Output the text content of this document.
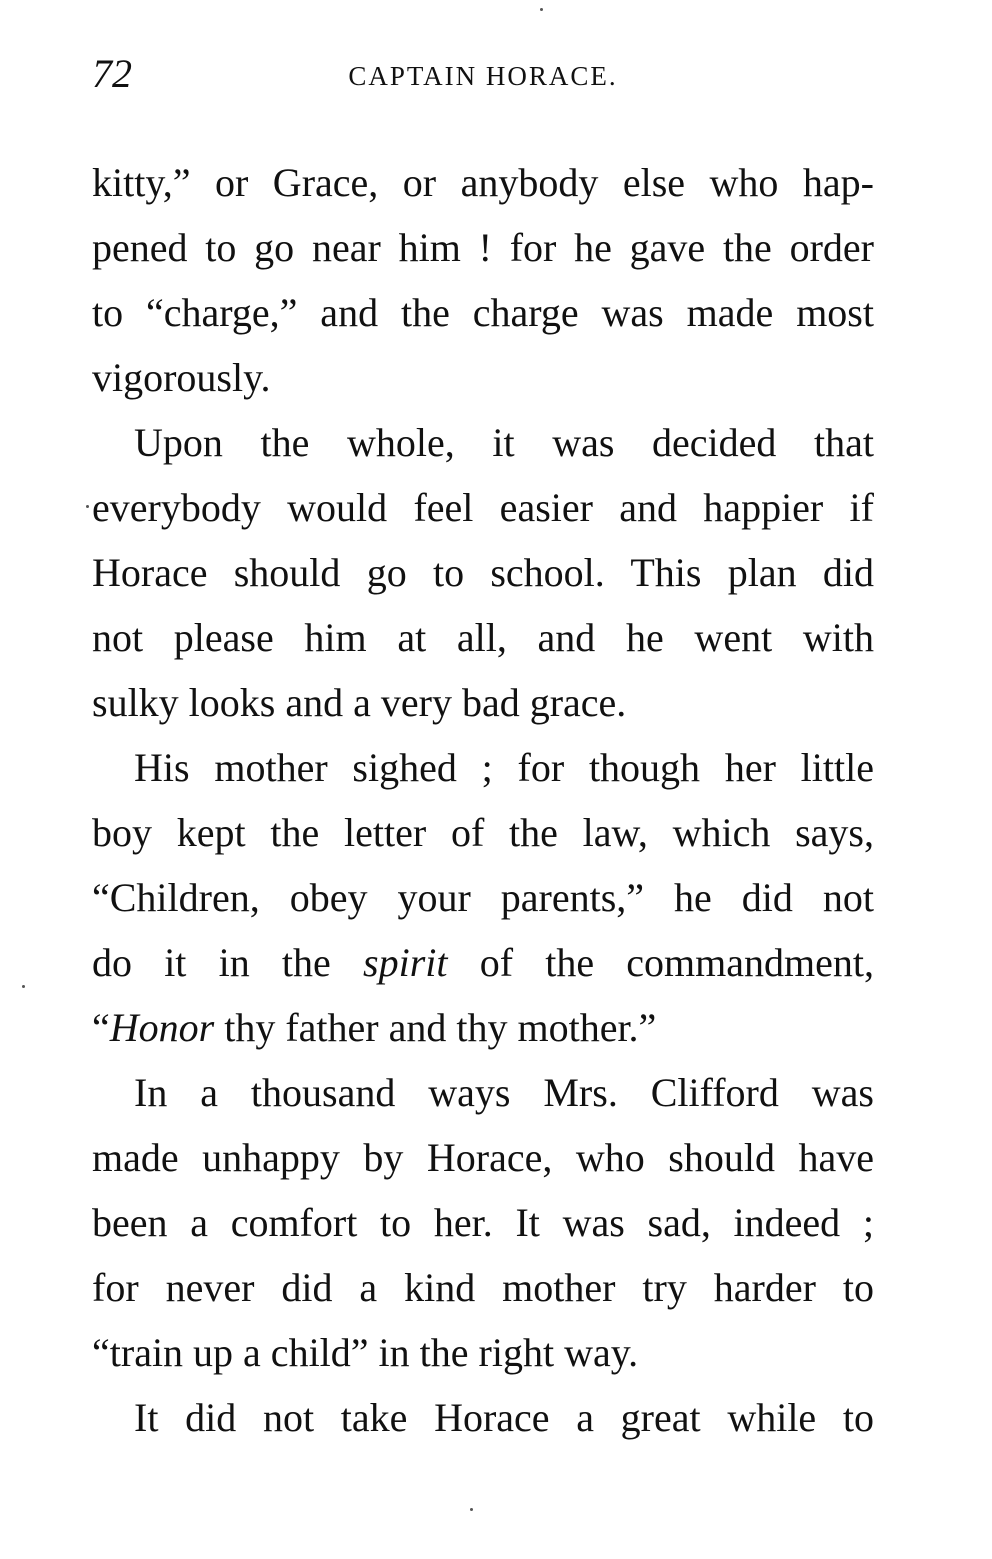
72	CAPTAIN HORACE.
kitty,” or Grace, or anybody else who hap-
pened to go near him ! for he gave the order
to “charge,” and the charge was made most
vigorously.
Upon the whole, it was decided that
everybody would feel easier and happier if
Horace should go to school. This plan did
not please him at all, and he went with
sulky looks and a very bad grace.
His mother sighed ; for though her little
boy kept the letter of the law, which says,
“Children, obey your parents,” he did not
do it in the spirit of the commandment,
“Honor thy father and thy mother.”
In a thousand ways Mrs. Clifford was
made unhappy by Horace, who should have
been a comfort to her. It was sad, indeed ;
for never did a kind mother try harder to
“train up a child” in the right way.
It did not take Horace a great while to
